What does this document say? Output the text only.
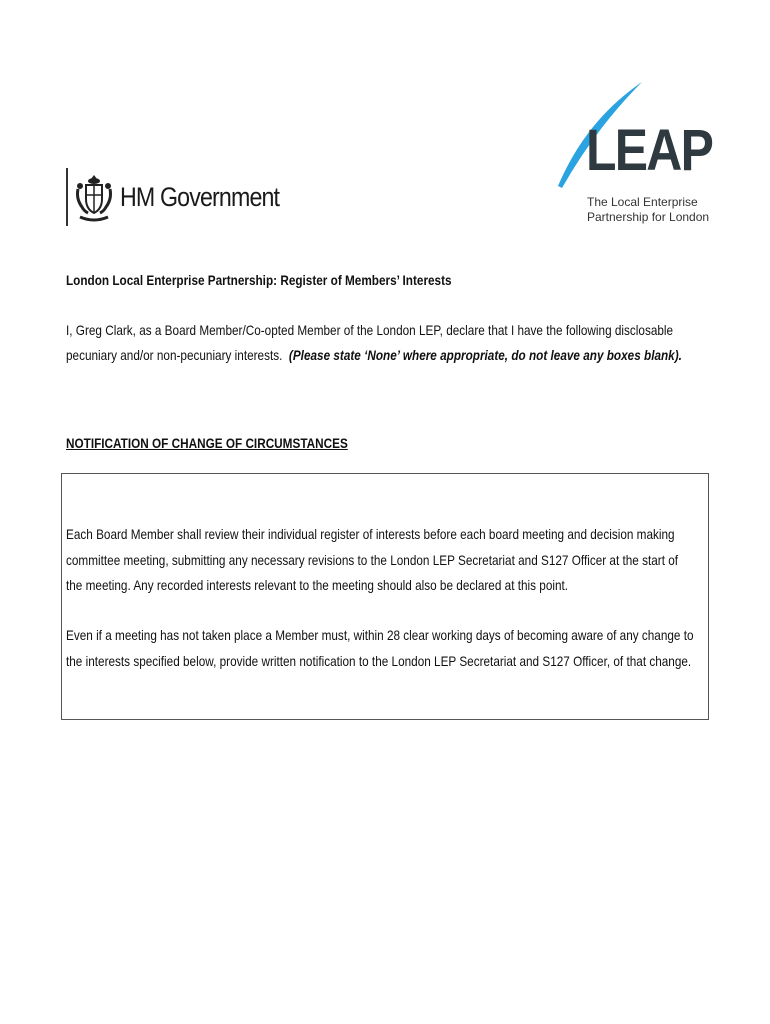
HM Government
LEAP
The Local Enterprise
Partnership for London
London Local Enterprise Partnership: Register of Members’ Interests
I, Greg Clark, as a Board Member/Co-opted Member of the London LEP, declare that I have the following disclosable pecuniary and/or non-pecuniary interests. (Please state ‘None’ where appropriate, do not leave any boxes blank).
NOTIFICATION OF CHANGE OF CIRCUMSTANCES
Each Board Member shall review their individual register of interests before each board meeting and decision making committee meeting, submitting any necessary revisions to the London LEP Secretariat and S127 Officer at the start of the meeting. Any recorded interests relevant to the meeting should also be declared at this point.
Even if a meeting has not taken place a Member must, within 28 clear working days of becoming aware of any change to the interests specified below, provide written notification to the London LEP Secretariat and S127 Officer, of that change.
